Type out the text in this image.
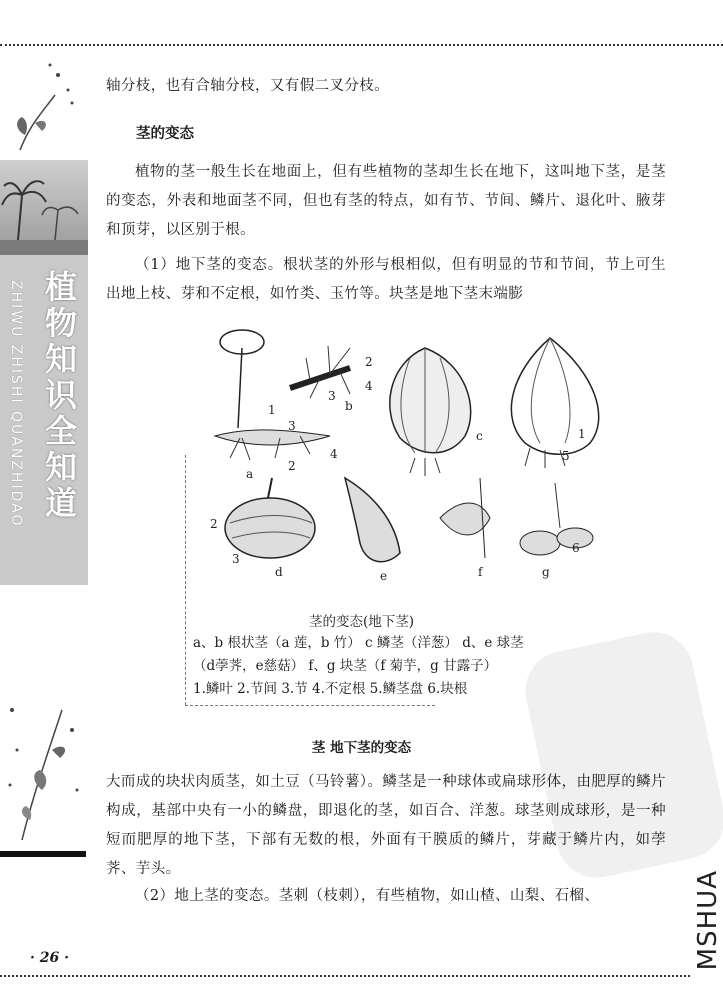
ZHIWU ZHISHI QUANZHIDAO 植物知识全知道

轴分枝，也有合轴分枝，又有假二叉分枝。

茎的变态

植物的茎一般生长在地面上，但有些植物的茎却生长在地下，这叫地下茎，是茎的变态，外表和地面茎不同，但也有茎的特点，如有节、节间、鳞片、退化叶、腋芽和顶芽，以区别于根。

（1）地下茎的变态。根状茎的外形与根相似，但有明显的节和节间，节上可生出地上枝、芽和不定根，如竹类、玉竹等。块茎是地下茎末端膨

a
b
c
d	e	f	g
1
1
2
2
2
3
3
3
4
4	5
6
茎的变态(地下茎)

a、b 根状茎（a 莲，b 竹） c 鳞茎（洋葱） d、e 球茎

（d荸荠，e慈菇） f、g 块茎（f 菊芋，g 甘露子）

1.鳞叶 2.节间 3.节 4.不定根 5.鳞茎盘 6.块根

茎 地下茎的变态

大而成的块状肉质茎，如土豆（马铃薯）。鳞茎是一种球体或扁球形体，由肥厚的鳞片构成，基部中央有一小的鳞盘，即退化的茎，如百合、洋葱。球茎则成球形，是一种短而肥厚的地下茎，下部有无数的根，外面有干膜质的鳞片，芽藏于鳞片内，如荸荠、芋头。

（2）地上茎的变态。茎刺（枝刺），有些植物，如山楂、山梨、石榴、

· 26 ·	MSHUA
